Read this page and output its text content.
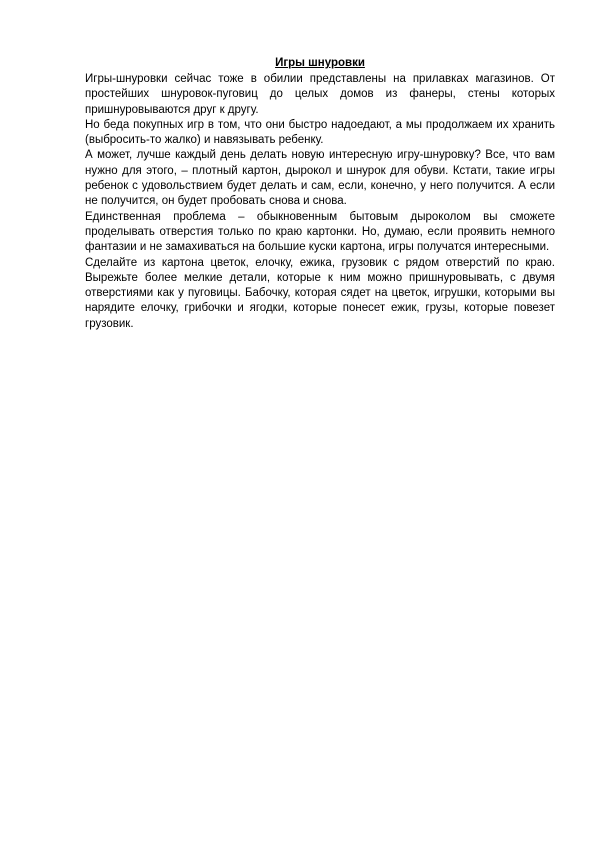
Игры шнуровки

Игры-шнуровки сейчас тоже в обилии представлены на прилавках магазинов. От простейших шнуровок-пуговиц до целых домов из фанеры, стены которых пришнуровываются друг к другу.

Но беда покупных игр в том, что они быстро надоедают, а мы продолжаем их хранить (выбросить-то жалко) и навязывать ребенку.

А может, лучше каждый день делать новую интересную игру-шнуровку? Все, что вам нужно для этого, – плотный картон, дырокол и шнурок для обуви. Кстати, такие игры ребенок с удовольствием будет делать и сам, если, конечно, у него получится. А если не получится, он будет пробовать снова и снова.

Единственная проблема – обыкновенным бытовым дыроколом вы сможете проделывать отверстия только по краю картонки. Но, думаю, если проявить немного фантазии и не замахиваться на большие куски картона, игры получатся интересными.

Сделайте из картона цветок, елочку, ежика, грузовик с рядом отверстий по краю. Вырежьте более мелкие детали, которые к ним можно пришнуровывать, с двумя отверстиями как у пуговицы. Бабочку, которая сядет на цветок, игрушки, которыми вы нарядите елочку, грибочки и ягодки, которые понесет ежик, грузы, которые повезет грузовик.
